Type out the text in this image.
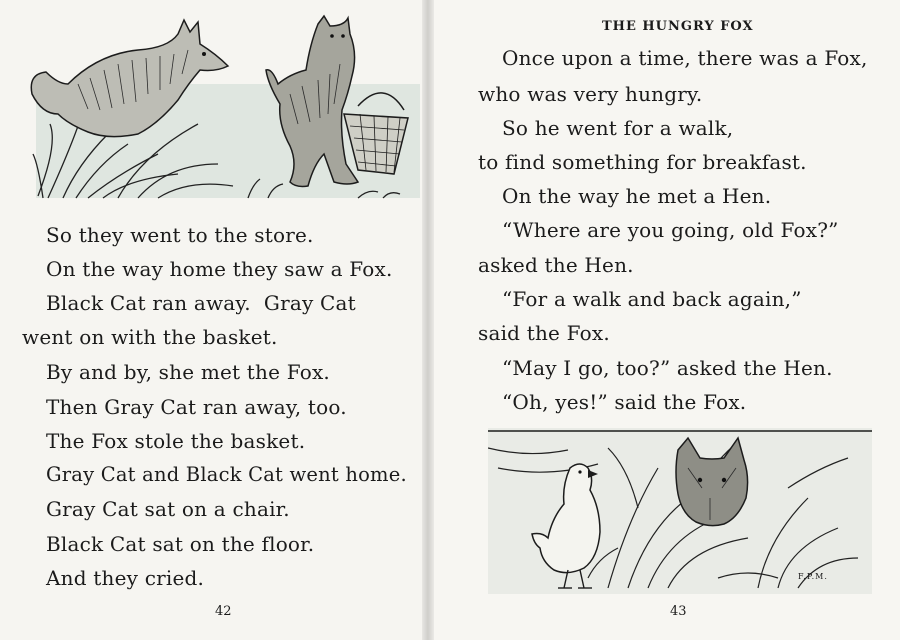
So they went to the store.
On the way home they saw a Fox.
Black Cat ran away.  Gray Cat
went on with the basket.
By and by, she met the Fox.
Then Gray Cat ran away, too.
The Fox stole the basket.
Gray Cat and Black Cat went home.
Gray Cat sat on a chair.
Black Cat sat on the floor.
And they cried.
42
THE HUNGRY FOX
Once upon a time, there was a Fox,
who was very hungry.
So he went for a walk,
to find something for breakfast.
On the way he met a Hen.
“Where are you going, old Fox?”
asked the Hen.
“For a walk and back again,”
said the Fox.
“May I go, too?” asked the Hen.
“Oh, yes!” said the Fox.
F.P.M.
43
